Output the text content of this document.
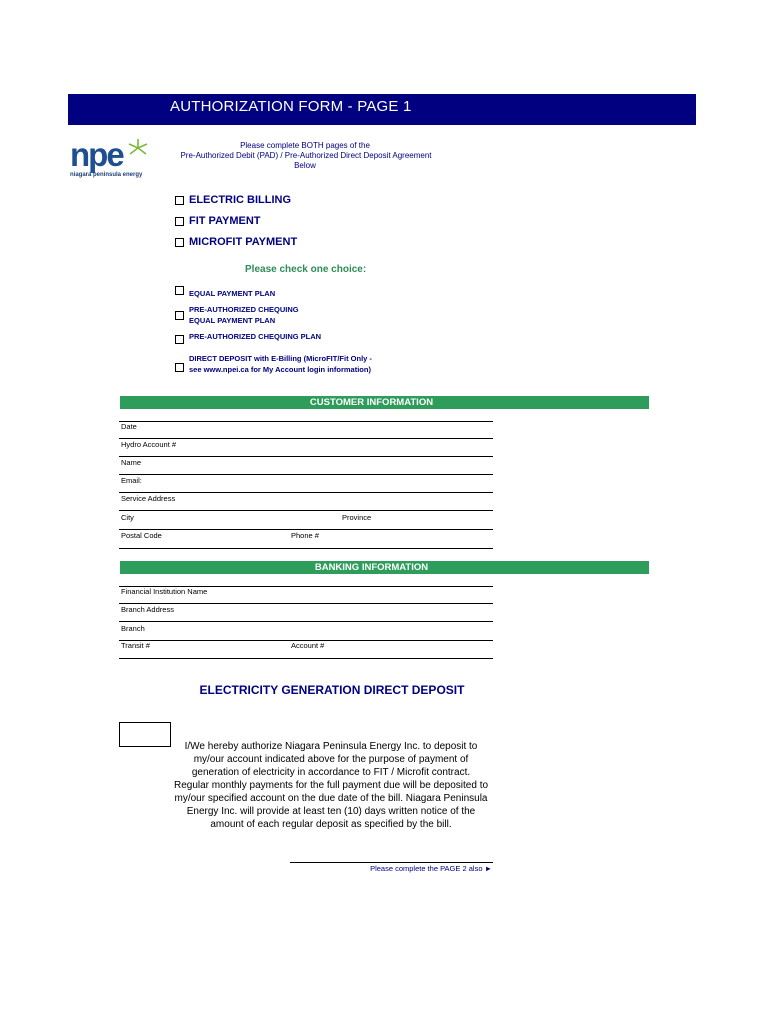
AUTHORIZATION FORM - PAGE 1
npe
niagara peninsula energy
Please complete BOTH pages of the
Pre-Authorized Debit (PAD) / Pre-Authorized Direct Deposit Agreement
Below
ELECTRIC BILLING
FIT PAYMENT
MICROFIT PAYMENT
Please check one choice:
EQUAL PAYMENT PLAN
PRE-AUTHORIZED CHEQUING
EQUAL PAYMENT PLAN
PRE-AUTHORIZED CHEQUING PLAN
DIRECT DEPOSIT with E-Billing (MicroFIT/Fit Only -
see www.npei.ca for My Account login information)
CUSTOMER INFORMATION
Date
Hydro Account #
Name
Email:
Service Address
City	Province
Postal Code	Phone #
BANKING INFORMATION
Financial Institution Name
Branch Address
Branch
Transit #	Account #
ELECTRICITY GENERATION DIRECT DEPOSIT
I/We hereby authorize Niagara Peninsula Energy Inc. to deposit to
my/our account indicated above for the purpose of payment of
generation of electricity in accordance to FIT / Microfit contract.
Regular monthly payments for the full payment due will be deposited to
my/our specified account on the due date of the bill. Niagara Peninsula
Energy Inc. will provide at least ten (10) days written notice of the
amount of each regular deposit as specified by the bill.
Please complete the PAGE 2 also ►
